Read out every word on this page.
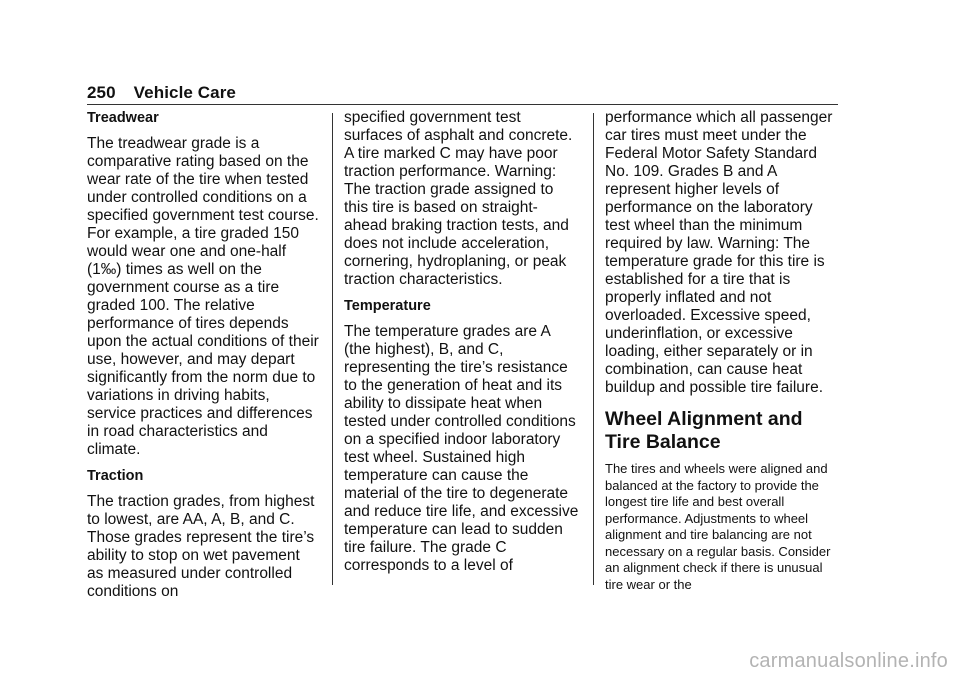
250 Vehicle Care
Treadwear

The treadwear grade is a comparative rating based on the wear rate of the tire when tested under controlled conditions on a specified government test course. For example, a tire graded 150 would wear one and one-half (1‰) times as well on the government course as a tire graded 100. The relative performance of tires depends upon the actual conditions of their use, however, and may depart significantly from the norm due to variations in driving habits, service practices and differences in road characteristics and climate.

Traction

The traction grades, from highest to lowest, are AA, A, B, and C. Those grades represent the tire’s ability to stop on wet pavement as measured under controlled conditions on

specified government test surfaces of asphalt and concrete. A tire marked C may have poor traction performance. Warning: The traction grade assigned to this tire is based on straight-ahead braking traction tests, and does not include acceleration, cornering, hydroplaning, or peak traction characteristics.

Temperature

The temperature grades are A (the highest), B, and C, representing the tire’s resistance to the generation of heat and its ability to dissipate heat when tested under controlled conditions on a specified indoor laboratory test wheel. Sustained high temperature can cause the material of the tire to degenerate and reduce tire life, and excessive temperature can lead to sudden tire failure. The grade C corresponds to a level of

performance which all passenger car tires must meet under the Federal Motor Safety Standard No. 109. Grades B and A represent higher levels of performance on the laboratory test wheel than the minimum required by law. Warning: The temperature grade for this tire is established for a tire that is properly inflated and not overloaded. Excessive speed, underinflation, or excessive loading, either separately or in combination, can cause heat buildup and possible tire failure.

Wheel Alignment and Tire Balance

The tires and wheels were aligned and balanced at the factory to provide the longest tire life and best overall performance. Adjustments to wheel alignment and tire balancing are not necessary on a regular basis. Consider an alignment check if there is unusual tire wear or the

carmanualsonline.info
